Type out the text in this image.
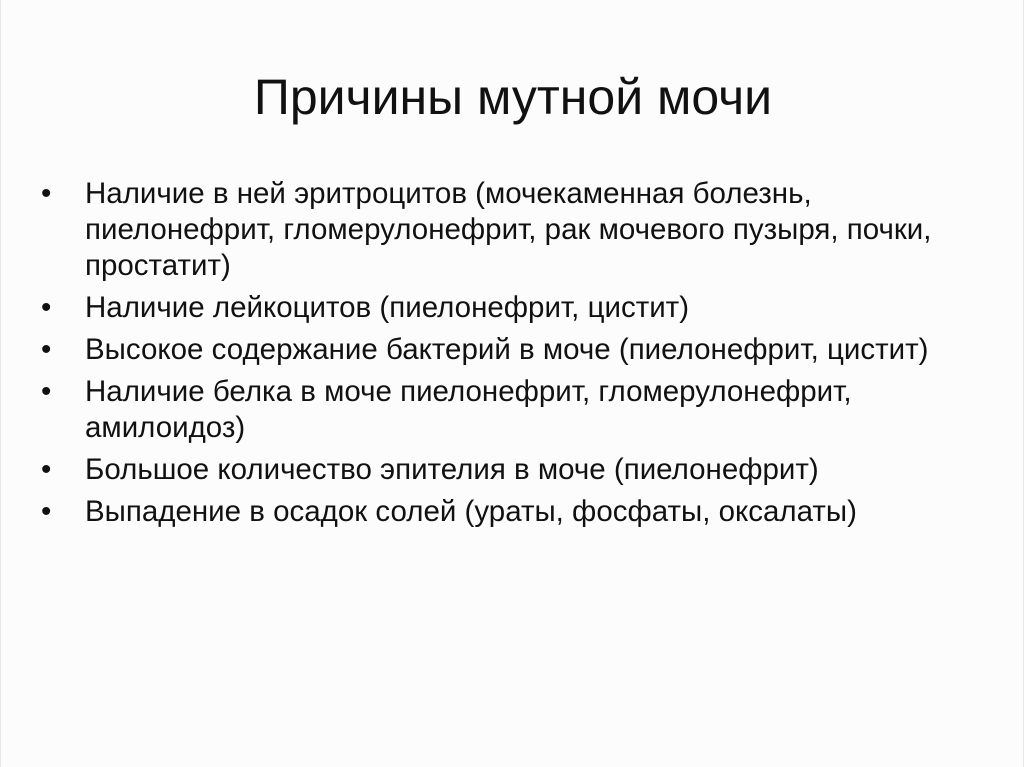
Причины мутной мочи
•	Наличие в ней эритроцитов (мочекаменная болезнь, пиелонефрит, гломерулонефрит, рак мочевого пузыря, почки, простатит)
•	Наличие лейкоцитов (пиелонефрит, цистит)
•	Высокое содержание бактерий в моче (пиелонефрит, цистит)
•	Наличие белка в моче пиелонефрит, гломерулонефрит, амилоидоз)
•	Большое количество эпителия в моче (пиелонефрит)
•	Выпадение в осадок солей (ураты, фосфаты, оксалаты)
